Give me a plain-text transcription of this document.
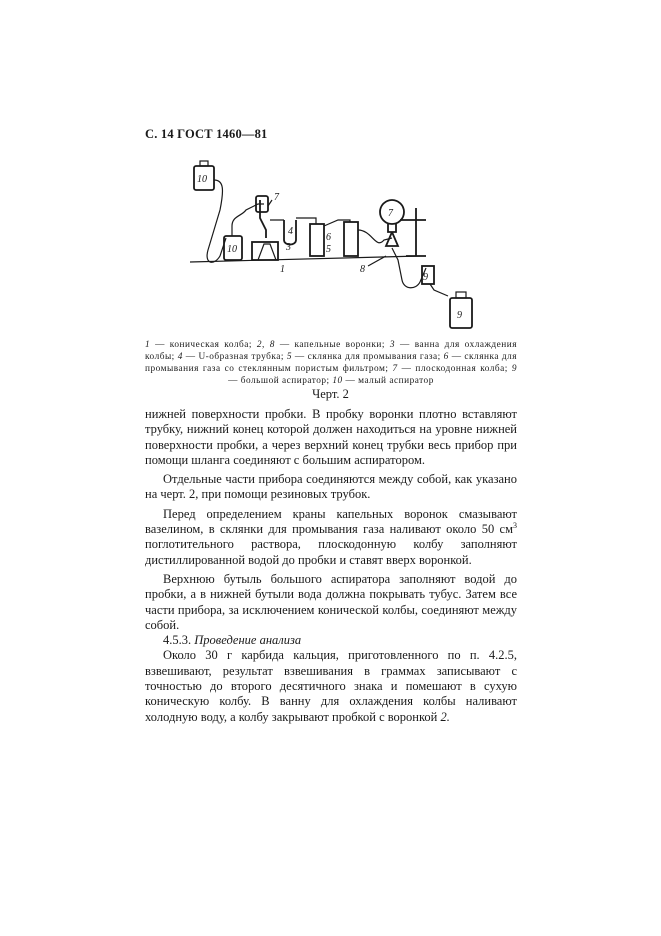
С. 14 ГОСТ 1460—81
10
10
7
1
3
4
6
5
7
8
9
9
1 — коническая колба; 2, 8 — капельные воронки; 3 — ванна для охлаждения колбы; 4 — U-образная трубка; 5 — склянка для промывания газа; 6 — склянка для промывания газа со стеклянным пористым фильтром; 7 — плоскодонная колба; 9 — большой аспиратор; 10 — малый аспиратор
Черт. 2

нижней поверхности пробки. В пробку воронки плотно вставляют трубку, нижний конец которой должен находиться на уровне нижней поверхности пробки, а через верхний конец трубки весь прибор при помощи шланга соединяют с большим аспиратором.

Отдельные части прибора соединяются между собой, как указано на черт. 2, при помощи резиновых трубок.

Перед определением краны капельных воронок смазывают вазелином, в склянки для промывания газа наливают около 50 $см^3$ поглотительного раствора, плоскодонную колбу заполняют дистиллированной водой до пробки и ставят вверх воронкой.

Верхнюю бутыль большого аспиратора заполняют водой до пробки, а в нижней бутыли вода должна покрывать тубус. Затем все части прибора, за исключением конической колбы, соединяют между собой.

4.5.3. Проведение анализа

Около 30 г карбида кальция, приготовленного по п. 4.2.5, взвешивают, результат взвешивания в граммах записывают с точностью до второго десятичного знака и помешают в сухую коническую колбу. В ванну для охлаждения колбы наливают холодную воду, а колбу закрывают пробкой с воронкой 2.
